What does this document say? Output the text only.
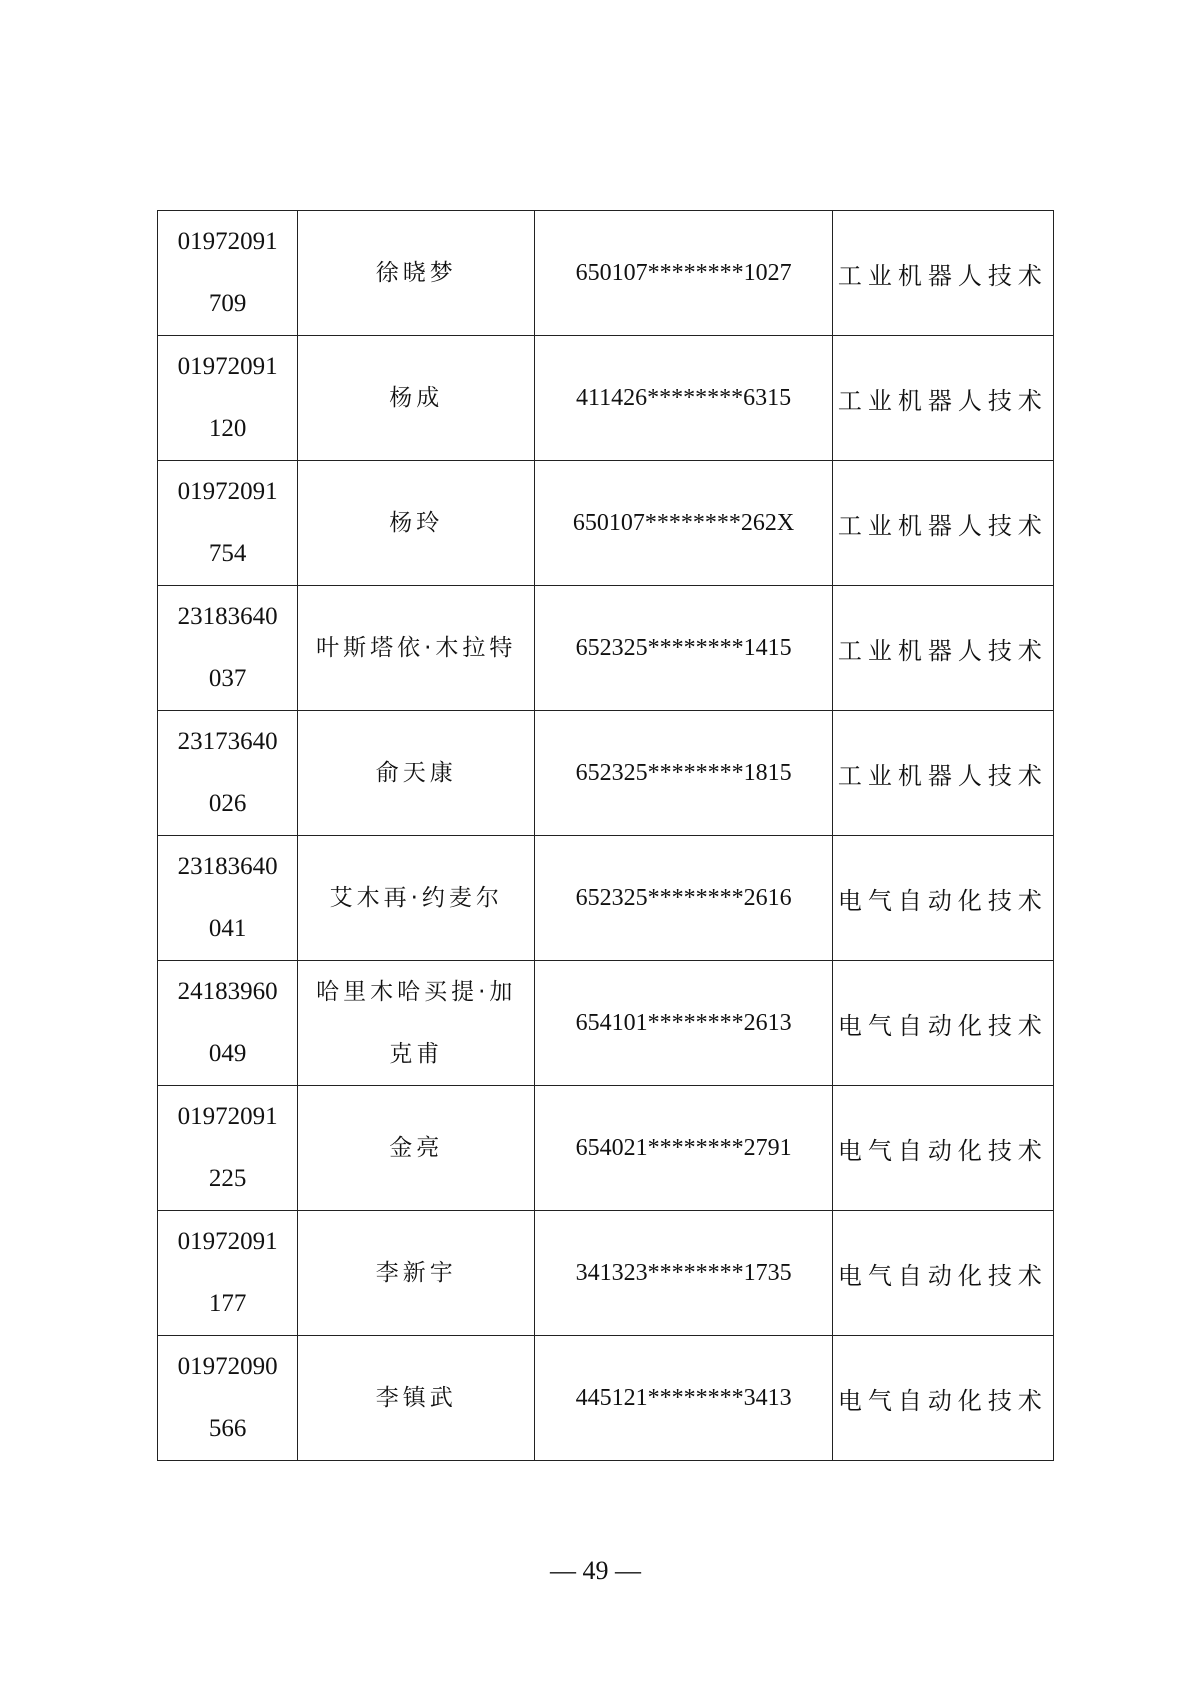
01972091
709	徐晓梦	650107********1027	工业机器人技术

01972091
120	杨成	411426********6315	工业机器人技术

01972091
754	杨玲	650107********262X	工业机器人技术

23183640
037	叶斯塔依·木拉特	652325********1415	工业机器人技术

23173640
026	俞天康	652325********1815	工业机器人技术

23183640
041	艾木再·约麦尔	652325********2616	电气自动化技术

24183960
049	哈里木哈买提·加
克甫	654101********2613	电气自动化技术

01972091
225	金亮	654021********2791	电气自动化技术

01972091
177	李新宇	341323********1735	电气自动化技术

01972090
566	李镇武	445121********3413	电气自动化技术
— 49 —
